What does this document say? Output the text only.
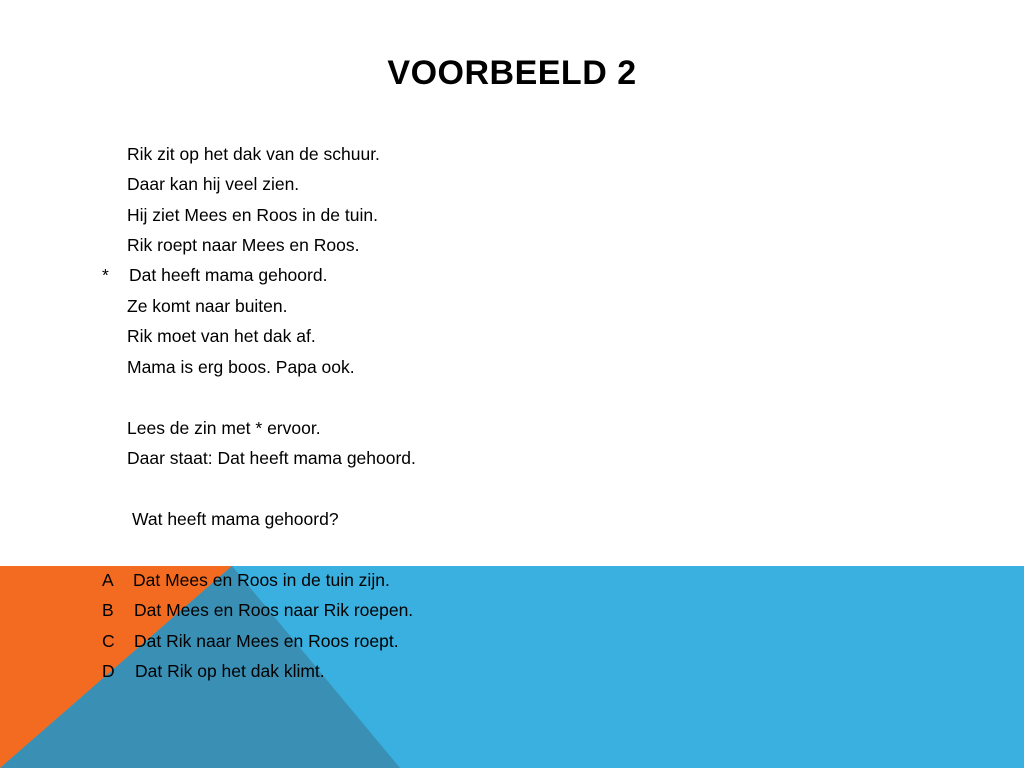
VOORBEELD 2
Rik zit op het dak van de schuur.
Daar kan hij veel zien.
Hij ziet Mees en Roos in de tuin.
Rik roept naar Mees en Roos.
* Dat heeft mama gehoord.
Ze komt naar buiten.
Rik moet van het dak af.
Mama is erg boos. Papa ook.
Lees de zin met * ervoor.
Daar staat: Dat heeft mama gehoord.
Wat heeft mama gehoord?
A Dat Mees en Roos in de tuin zijn.
B Dat Mees en Roos naar Rik roepen.
C Dat Rik naar Mees en Roos roept.
D Dat Rik op het dak klimt.
